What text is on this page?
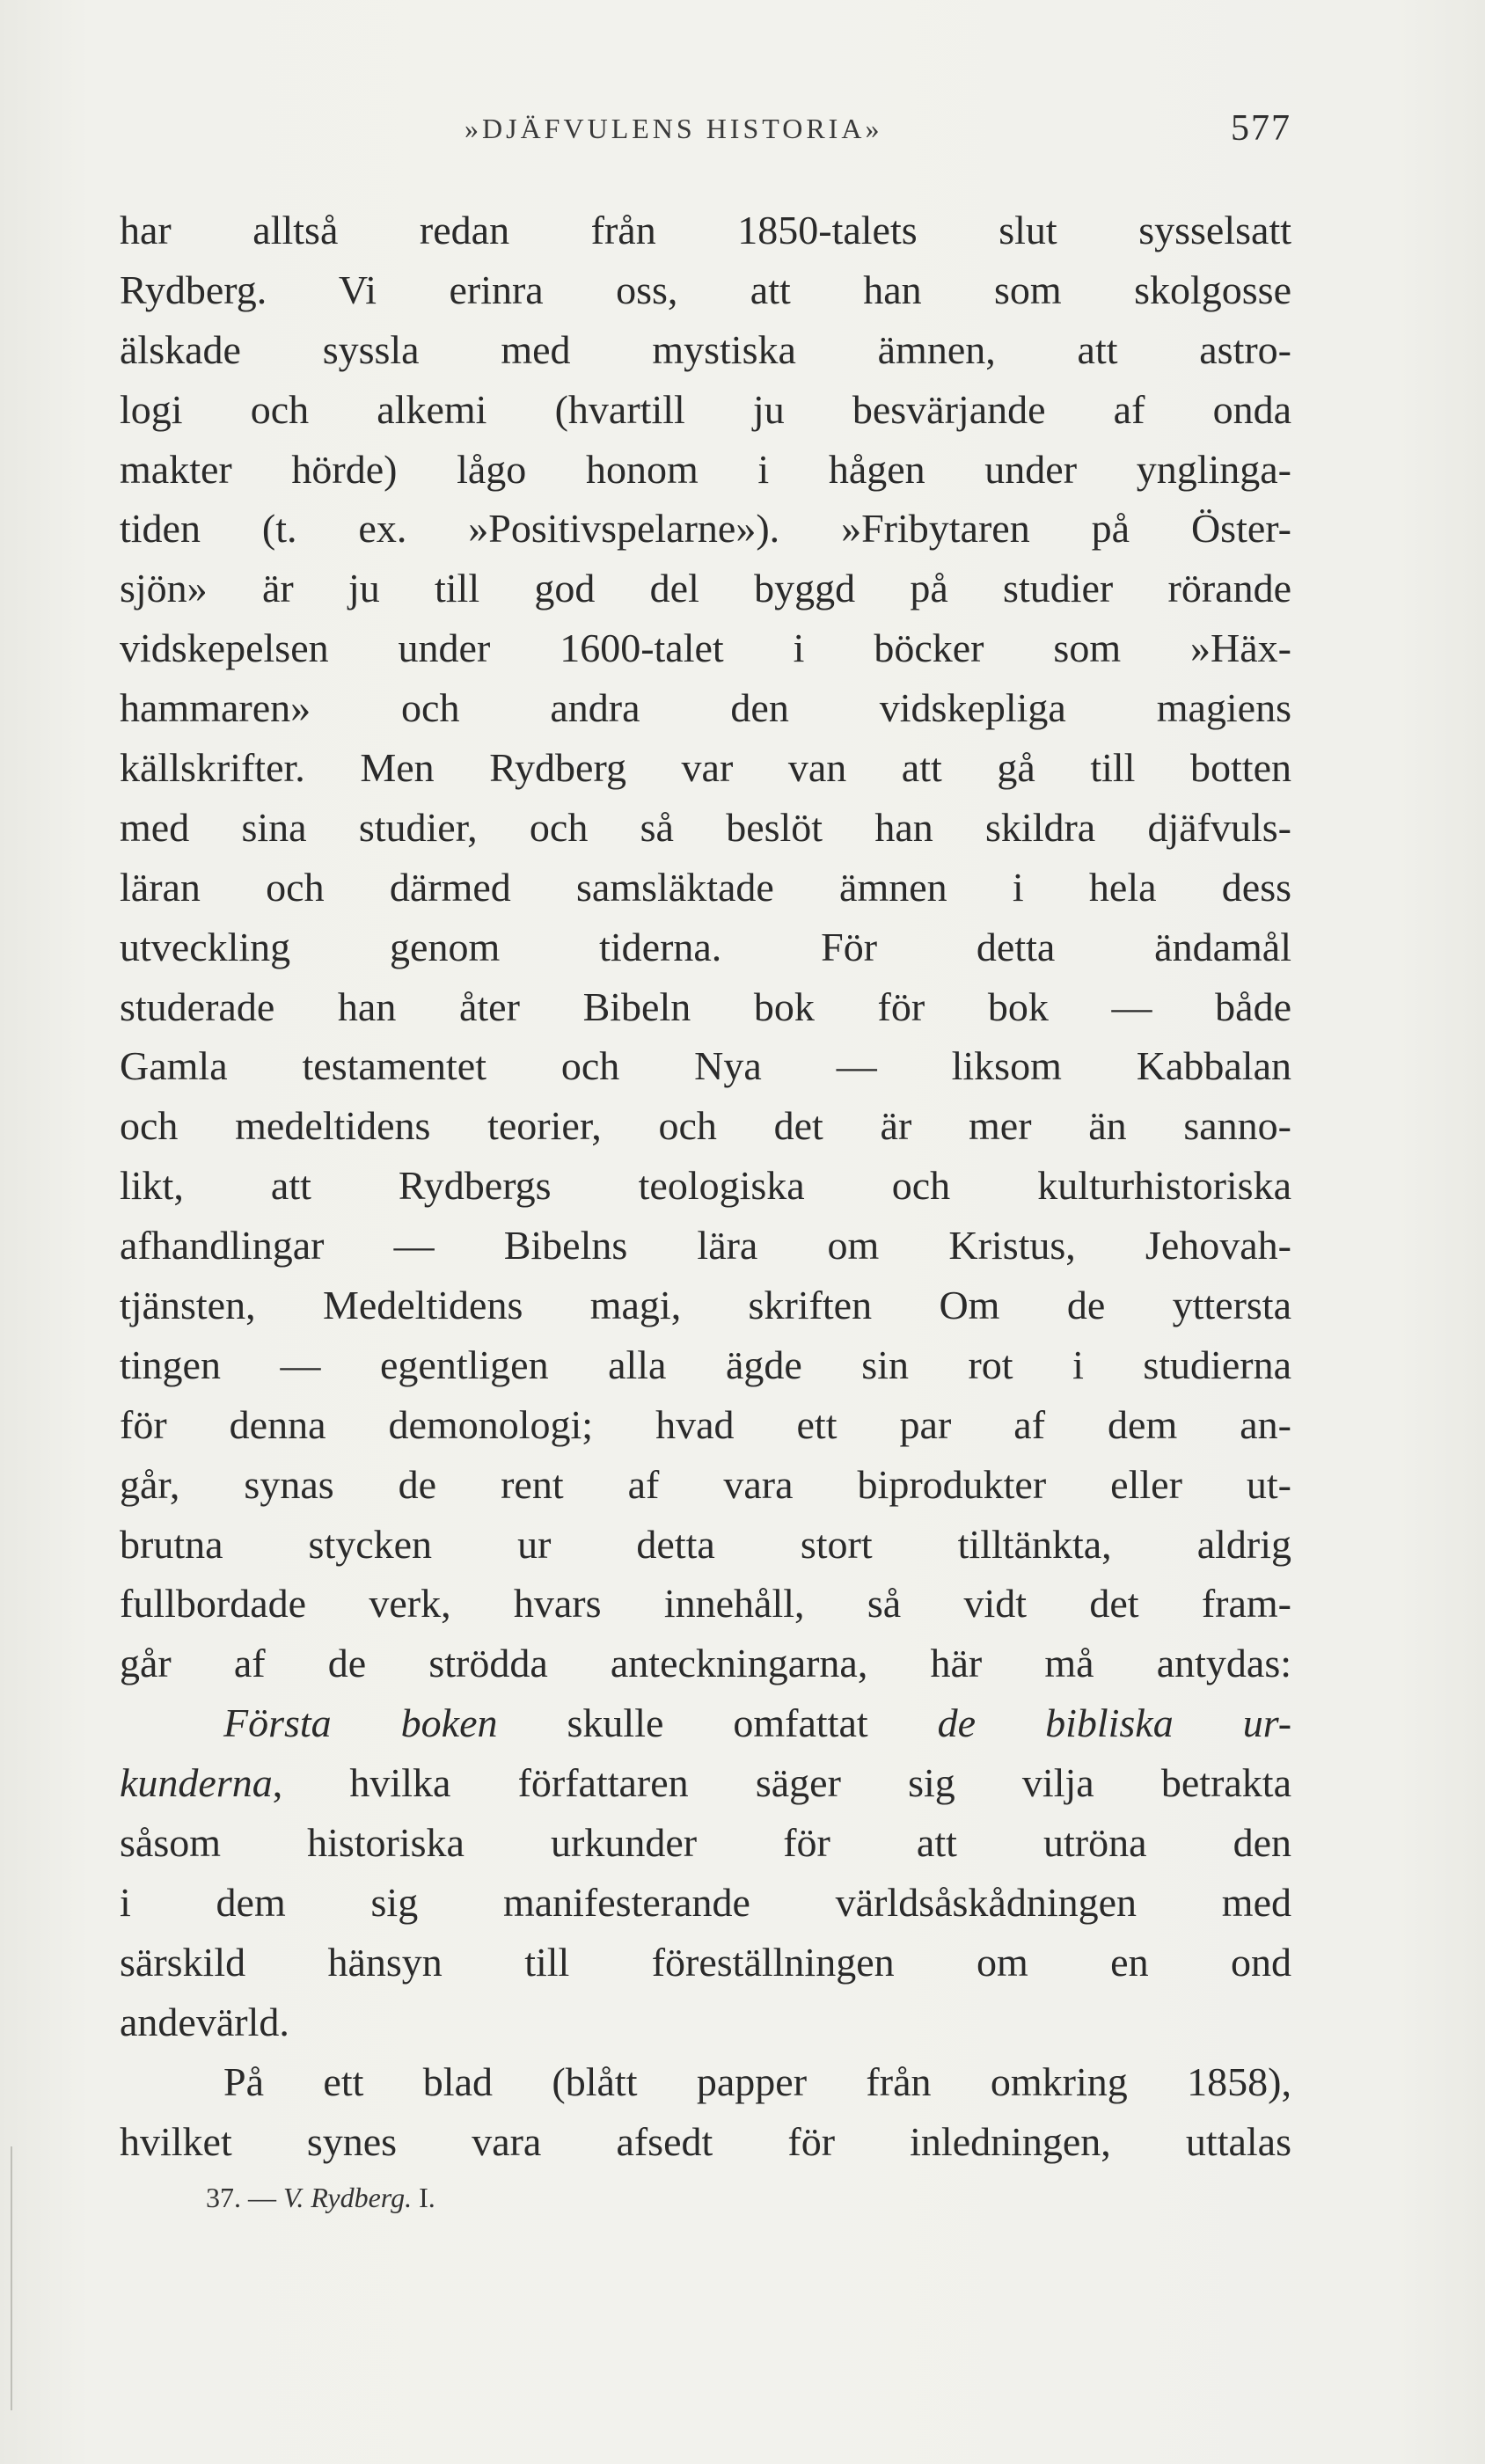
»DJÄFVULENS HISTORIA»	577
har alltså redan från 1850-talets slut sysselsatt
Rydberg. Vi erinra oss, att han som skolgosse
älskade syssla med mystiska ämnen, att astro-
logi och alkemi (hvartill ju besvärjande af onda
makter hörde) lågo honom i hågen under ynglinga-
tiden (t. ex. »Positivspelarne»). »Fribytaren på Öster-
sjön» är ju till god del byggd på studier rörande
vidskepelsen under 1600-talet i böcker som »Häx-
hammaren» och andra den vidskepliga magiens
källskrifter. Men Rydberg var van att gå till botten
med sina studier, och så beslöt han skildra djäfvuls-
läran och därmed samsläktade ämnen i hela dess
utveckling genom tiderna. För detta ändamål
studerade han åter Bibeln bok för bok — både
Gamla testamentet och Nya — liksom Kabbalan
och medeltidens teorier, och det är mer än sanno-
likt, att Rydbergs teologiska och kulturhistoriska
afhandlingar — Bibelns lära om Kristus, Jehovah-
tjänsten, Medeltidens magi, skriften Om de yttersta
tingen — egentligen alla ägde sin rot i studierna
för denna demonologi; hvad ett par af dem an-
går, synas de rent af vara biprodukter eller ut-
brutna stycken ur detta stort tilltänkta, aldrig
fullbordade verk, hvars innehåll, så vidt det fram-
går af de strödda anteckningarna, här må antydas:
Första boken skulle omfattat de bibliska ur-
kunderna, hvilka författaren säger sig vilja betrakta
såsom historiska urkunder för att utröna den
i dem sig manifesterande världsåskådningen med
särskild hänsyn till föreställningen om en ond
andevärld.
På ett blad (blått papper från omkring 1858),
hvilket synes vara afsedt för inledningen, uttalas
37. — V. Rydberg. I.
